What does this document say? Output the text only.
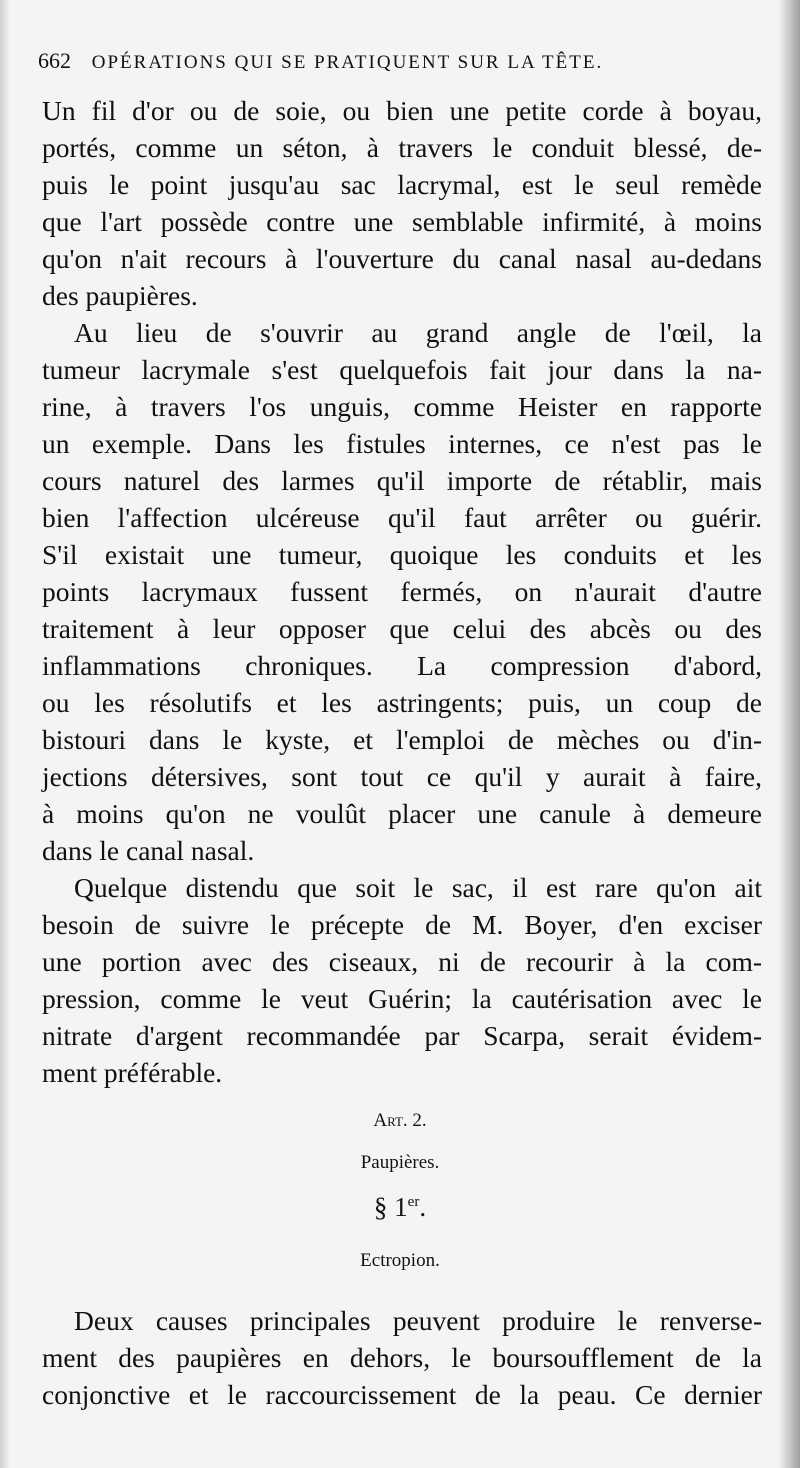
662 OPÉRATIONS QUI SE PRATIQUENT SUR LA TÊTE.
Un fil d'or ou de soie, ou bien une petite corde à boyau,
portés, comme un séton, à travers le conduit blessé, de-
puis le point jusqu'au sac lacrymal, est le seul remède
que l'art possède contre une semblable infirmité, à moins
qu'on n'ait recours à l'ouverture du canal nasal au-dedans
des paupières.
Au lieu de s'ouvrir au grand angle de l'œil, la
tumeur lacrymale s'est quelquefois fait jour dans la na-
rine, à travers l'os unguis, comme Heister en rapporte
un exemple. Dans les fistules internes, ce n'est pas le
cours naturel des larmes qu'il importe de rétablir, mais
bien l'affection ulcéreuse qu'il faut arrêter ou guérir.
S'il existait une tumeur, quoique les conduits et les
points lacrymaux fussent fermés, on n'aurait d'autre
traitement à leur opposer que celui des abcès ou des
inflammations chroniques. La compression d'abord,
ou les résolutifs et les astringents; puis, un coup de
bistouri dans le kyste, et l'emploi de mèches ou d'in-
jections détersives, sont tout ce qu'il y aurait à faire,
à moins qu'on ne voulût placer une canule à demeure
dans le canal nasal.
Quelque distendu que soit le sac, il est rare qu'on ait
besoin de suivre le précepte de M. Boyer, d'en exciser
une portion avec des ciseaux, ni de recourir à la com-
pression, comme le veut Guérin; la cautérisation avec le
nitrate d'argent recommandée par Scarpa, serait évidem-
ment préférable.
Art. 2.
Paupières.
§ 1er.
Ectropion.
Deux causes principales peuvent produire le renverse-
ment des paupières en dehors, le boursoufflement de la
conjonctive et le raccourcissement de la peau. Ce dernier
